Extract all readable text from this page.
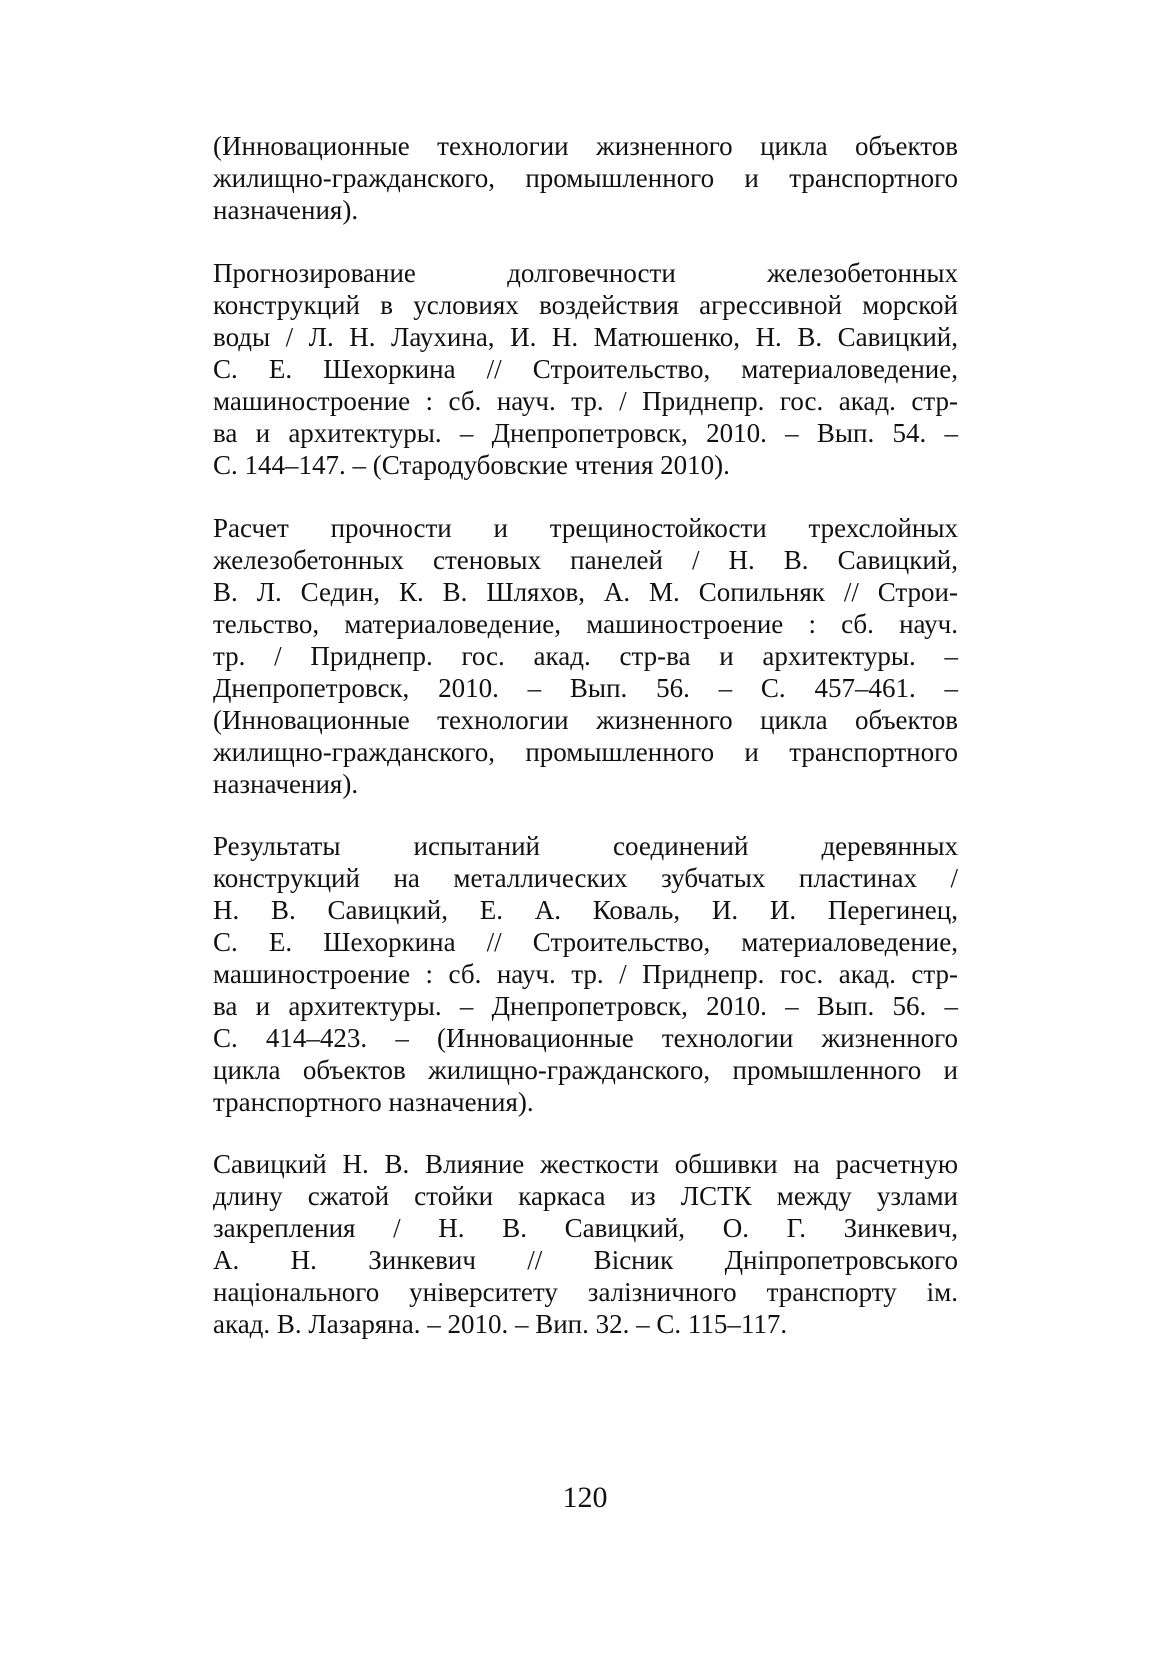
(Инновационные технологии жизненного цикла объектов
жилищно-гражданского, промышленного и транспортного
назначения).
Прогнозирование долговечности железобетонных
конструкций в условиях воздействия агрессивной морской
воды / Л. Н. Лаухина, И. Н. Матюшенко, Н. В. Савицкий,
С. Е. Шехоркина // Строительство, материаловедение,
машиностроение : сб. науч. тр. / Приднепр. гос. акад. стр-
ва и архитектуры. – Днепропетровск, 2010. – Вып. 54. –
С. 144–147. – (Стародубовские чтения 2010).
Расчет прочности и трещиностойкости трехслойных
железобетонных стеновых панелей / Н. В. Савицкий,
В. Л. Седин, К. В. Шляхов, А. М. Сопильняк // Строи-
тельство, материаловедение, машиностроение : сб. науч.
тр. / Приднепр. гос. акад. стр-ва и архитектуры. –
Днепропетровск, 2010. – Вып. 56. – С. 457–461. –
(Инновационные технологии жизненного цикла объектов
жилищно-гражданского, промышленного и транспортного
назначения).
Результаты испытаний соединений деревянных
конструкций на металлических зубчатых пластинах /
Н. В. Савицкий, Е. А. Коваль, И. И. Перегинец,
С. Е. Шехоркина // Строительство, материаловедение,
машиностроение : сб. науч. тр. / Приднепр. гос. акад. стр-
ва и архитектуры. – Днепропетровск, 2010. – Вып. 56. –
С. 414–423. – (Инновационные технологии жизненного
цикла объектов жилищно-гражданского, промышленного и
транспортного назначения).
Савицкий Н. В. Влияние жесткости обшивки на расчетную
длину сжатой стойки каркаса из ЛСТК между узлами
закрепления / Н. В. Савицкий, О. Г. Зинкевич,
А. Н. Зинкевич // Вісник Дніпропетровського
національного університету залізничного транспорту ім.
акад. В. Лазаряна. – 2010. – Вип. 32. – С. 115–117.
120
